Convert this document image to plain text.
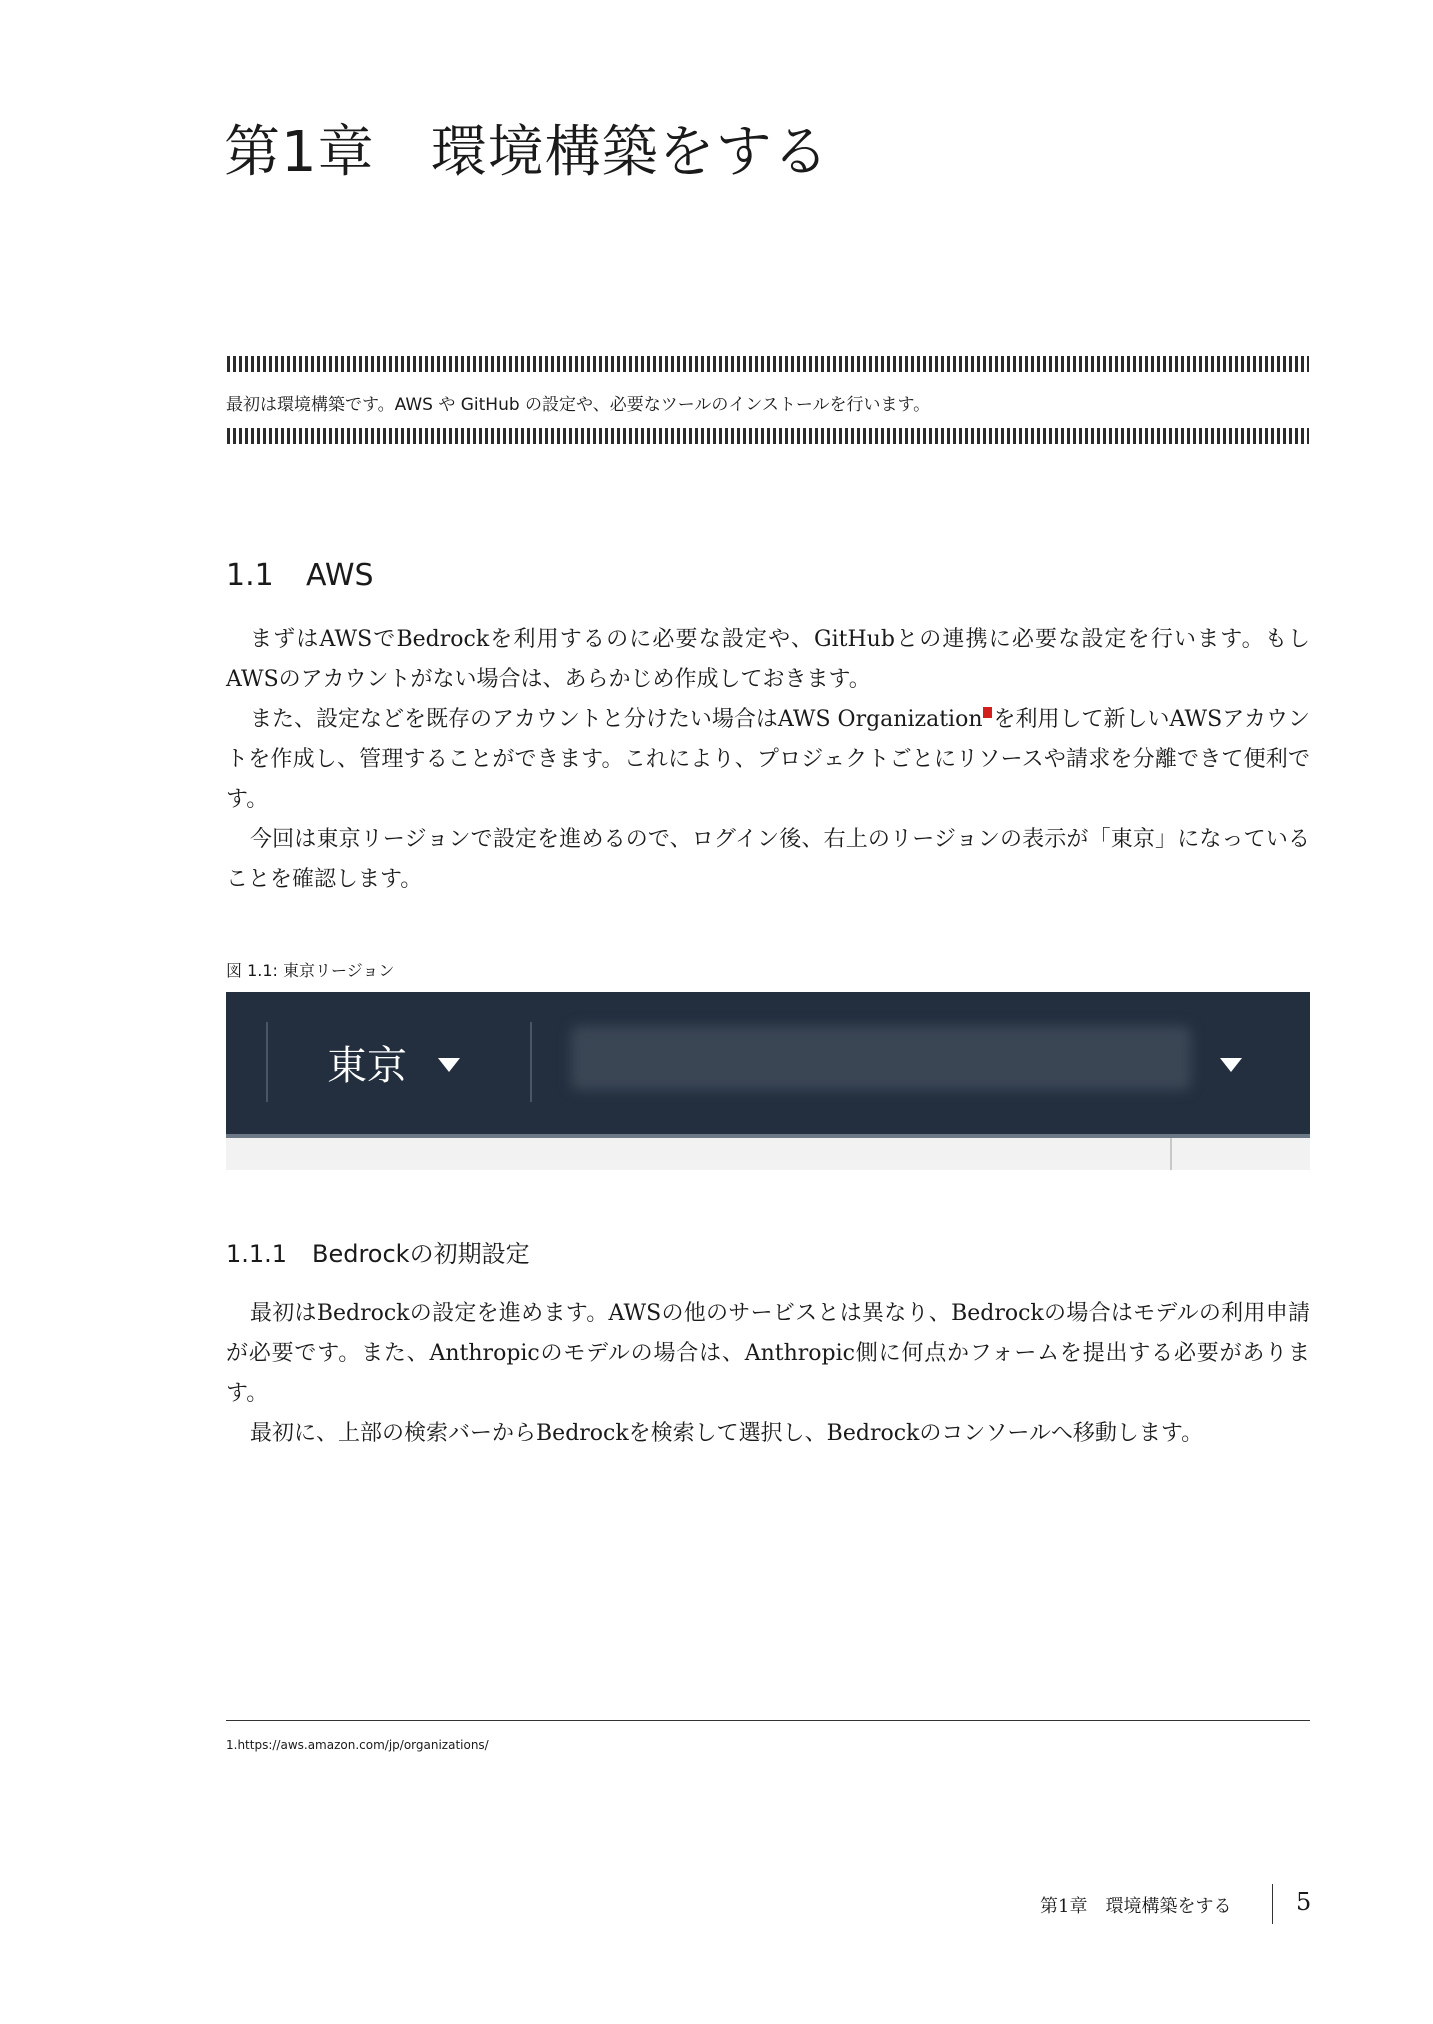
第1章 環境構築をする
最初は環境構築です。AWS や GitHub の設定や、必要なツールのインストールを行います。
1.1 AWS

まずはAWSでBedrockを利用するのに必要な設定や、GitHubとの連携に必要な設定を行います。もしAWSのアカウントがない場合は、あらかじめ作成しておきます。

また、設定などを既存のアカウントと分けたい場合はAWS Organization を利用して新しいAWSアカウントを作成し、管理することができます。これにより、プロジェクトごとにリソースや請求を分離できて便利です。

今回は東京リージョンで設定を進めるので、ログイン後、右上のリージョンの表示が「東京」になっていることを確認します。

図 1.1: 東京リージョン
東京
1.1.1 Bedrockの初期設定

最初はBedrockの設定を進めます。AWSの他のサービスとは異なり、Bedrockの場合はモデルの利用申請が必要です。また、Anthropicのモデルの場合は、Anthropic側に何点かフォームを提出する必要があります。

最初に、上部の検索バーからBedrockを検索して選択し、Bedrockのコンソールへ移動します。

1.https://aws.amazon.com/jp/organizations/
第1章　環境構築をする	5
